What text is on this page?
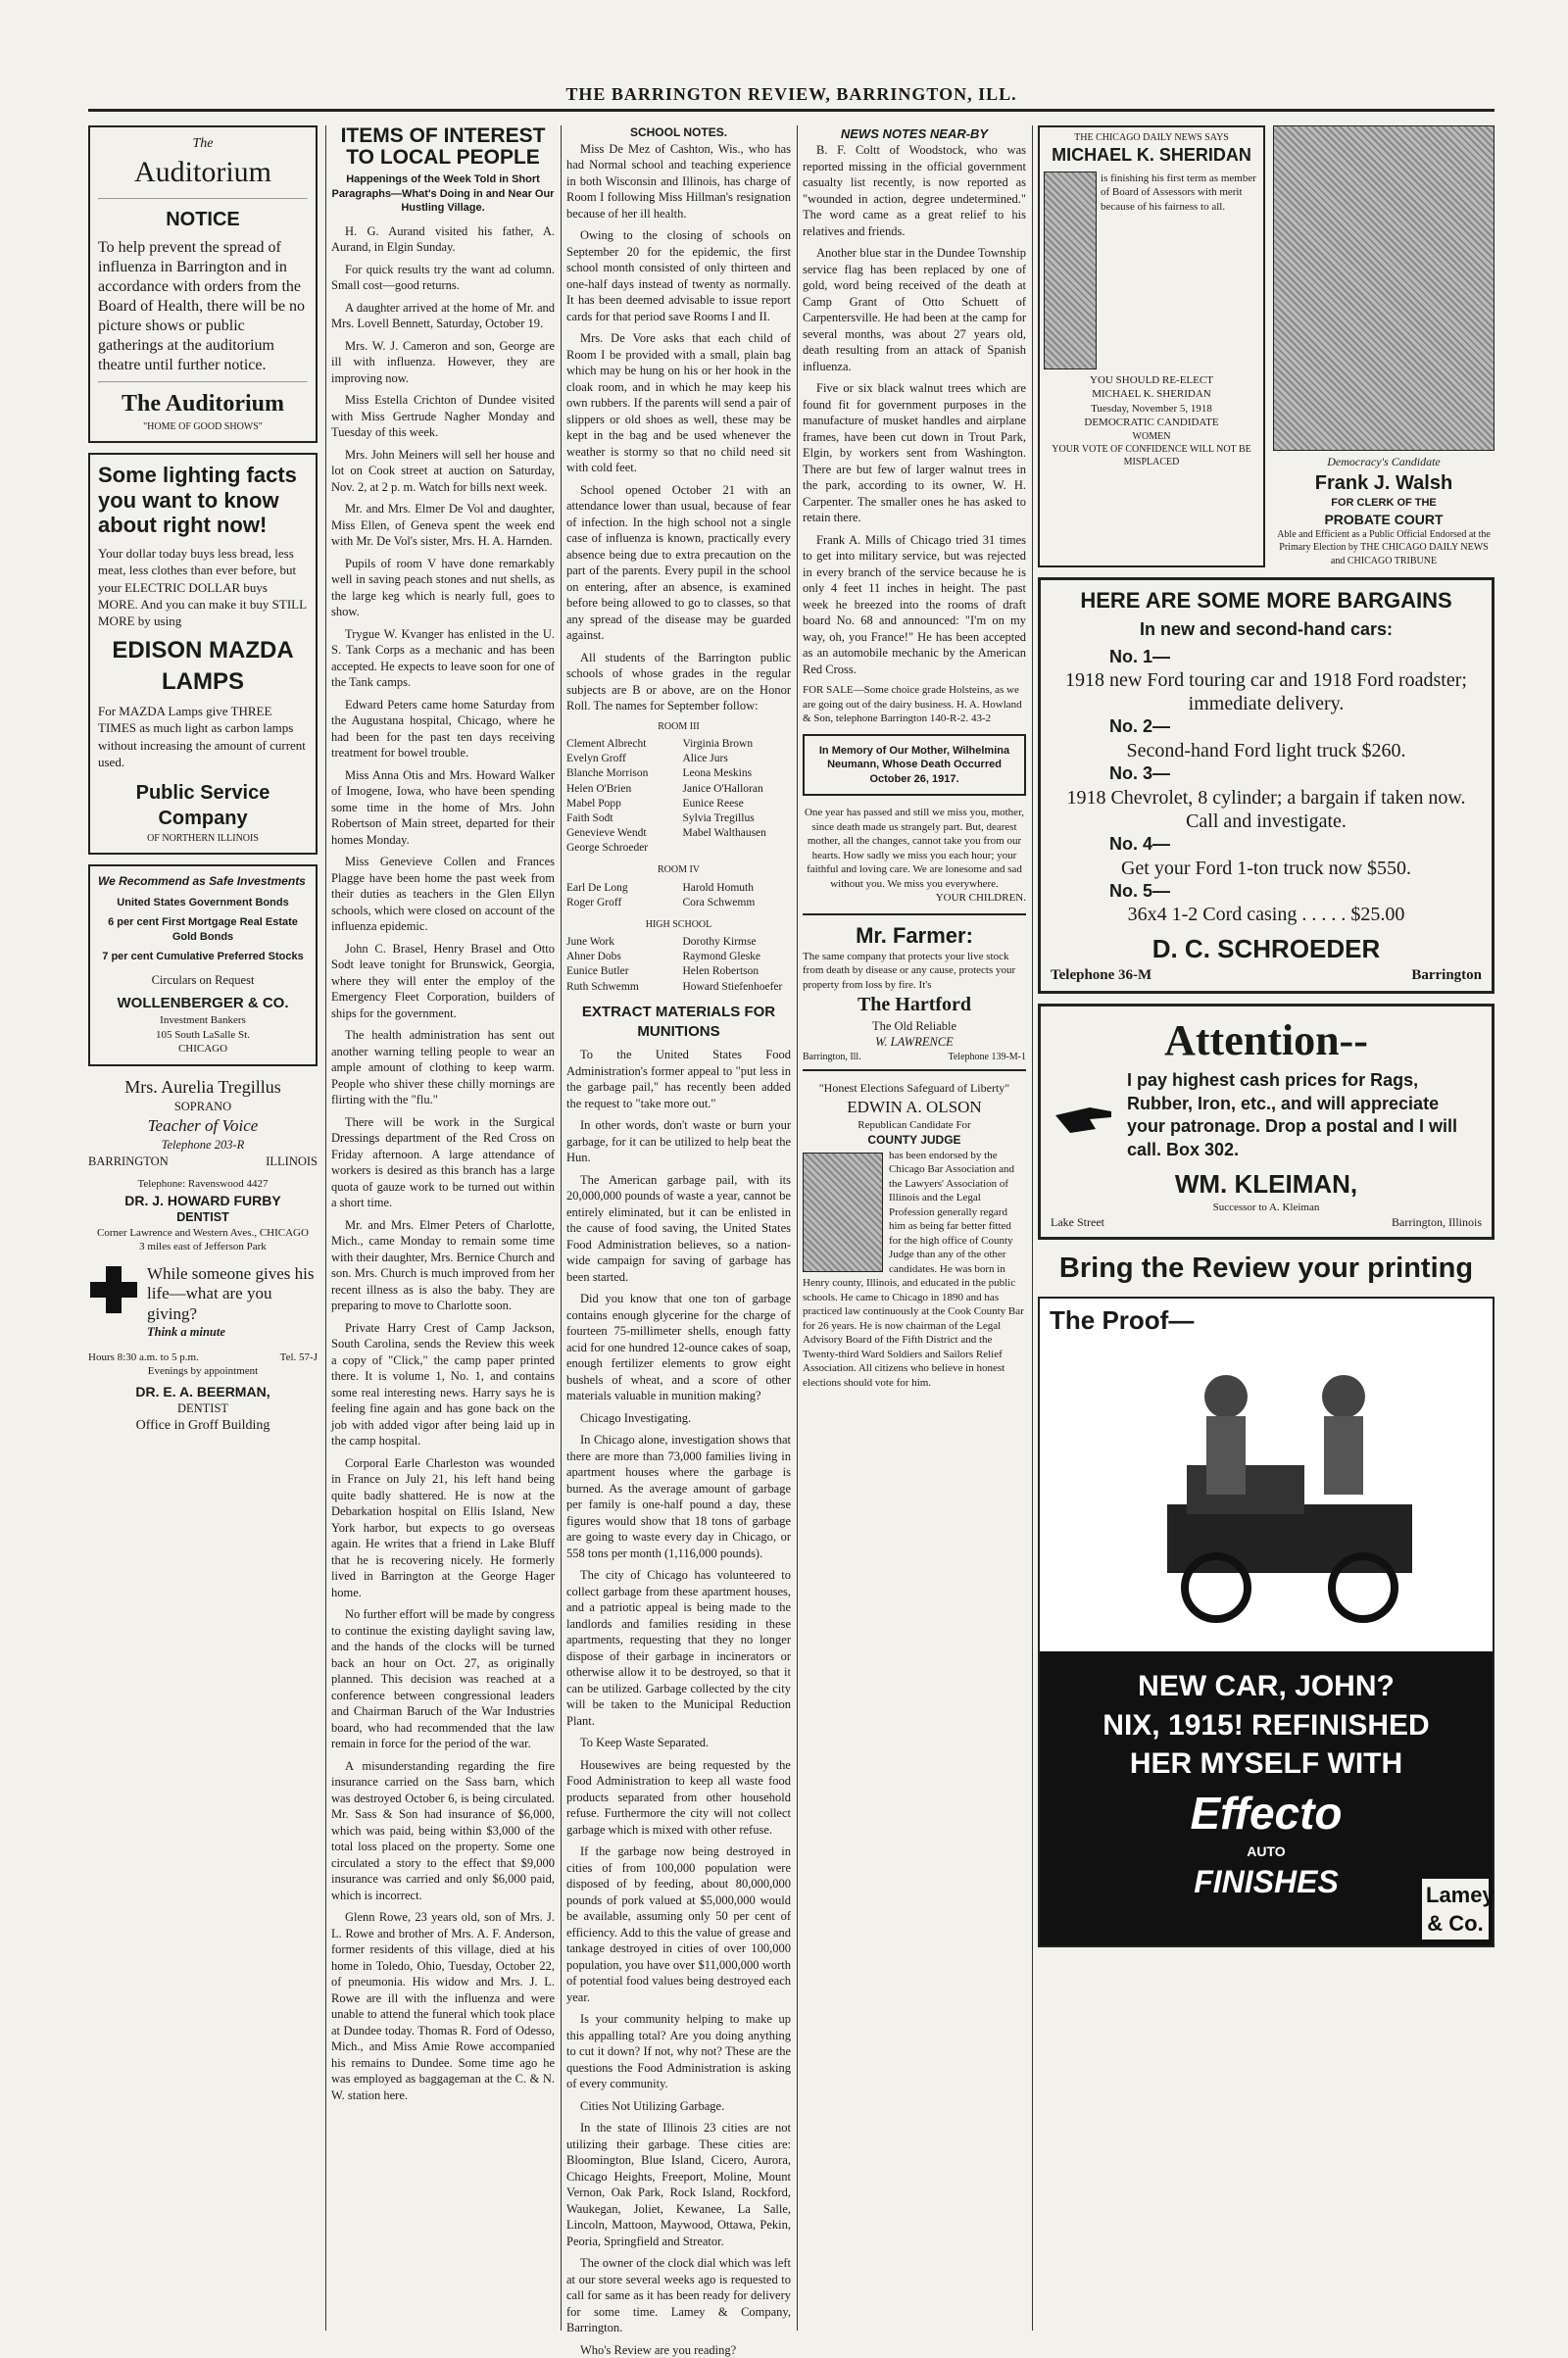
THE BARRINGTON REVIEW, BARRINGTON, ILL.
The
Auditorium
NOTICE
To help prevent the spread of influenza in Barrington and in accordance with orders from the Board of Health, there will be no picture shows or public gatherings at the auditorium theatre until further notice.
The Auditorium
"HOME OF GOOD SHOWS"
Some lighting facts you want to know about right now!
Your dollar today buys less bread, less meat, less clothes than ever before, but your ELECTRIC DOLLAR buys MORE. And you can make it buy STILL MORE by using
EDISON MAZDA LAMPS
For MAZDA Lamps give THREE TIMES as much light as carbon lamps without increasing the amount of current used.
Public Service Company
OF NORTHERN ILLINOIS
We Recommend as Safe Investments
United States Government Bonds
6 per cent First Mortgage Real Estate Gold Bonds
7 per cent Cumulative Preferred Stocks
Circulars on Request
WOLLENBERGER & CO.
Investment Bankers
105 South LaSalle St.
CHICAGO
Mrs. Aurelia Tregillus
SOPRANO
Teacher of Voice
Telephone 203-R
BARRINGTON	ILLINOIS
Telephone: Ravenswood 4427
DR. J. HOWARD FURBY
DENTIST
Corner Lawrence and Western Aves., CHICAGO
3 miles east of Jefferson Park
While someone gives his life—what are you giving?
Think a minute
Hours 8:30 a.m. to 5 p.m.	Tel. 57-J
Evenings by appointment
DR. E. A. BEERMAN,
DENTIST
Office in Groff Building
ITEMS OF INTEREST TO LOCAL PEOPLE
Happenings of the Week Told in Short Paragraphs—What's Doing in and Near Our Hustling Village.

H. G. Aurand visited his father, A. Aurand, in Elgin Sunday.

For quick results try the want ad column. Small cost—good returns.

A daughter arrived at the home of Mr. and Mrs. Lovell Bennett, Saturday, October 19.

Mrs. W. J. Cameron and son, George are ill with influenza. However, they are improving now.

Miss Estella Crichton of Dundee visited with Miss Gertrude Nagher Monday and Tuesday of this week.

Mrs. John Meiners will sell her house and lot on Cook street at auction on Saturday, Nov. 2, at 2 p. m. Watch for bills next week.

Mr. and Mrs. Elmer De Vol and daughter, Miss Ellen, of Geneva spent the week end with Mr. De Vol's sister, Mrs. H. A. Harnden.

Pupils of room V have done remarkably well in saving peach stones and nut shells, as the large keg which is nearly full, goes to show.

Trygue W. Kvanger has enlisted in the U. S. Tank Corps as a mechanic and has been accepted. He expects to leave soon for one of the Tank camps.

Edward Peters came home Saturday from the Augustana hospital, Chicago, where he had been for the past ten days receiving treatment for bowel trouble.

Miss Anna Otis and Mrs. Howard Walker of Imogene, Iowa, who have been spending some time in the home of Mrs. John Robertson of Main street, departed for their homes Monday.

Miss Genevieve Collen and Frances Plagge have been home the past week from their duties as teachers in the Glen Ellyn schools, which were closed on account of the influenza epidemic.

John C. Brasel, Henry Brasel and Otto Sodt leave tonight for Brunswick, Georgia, where they will enter the employ of the Emergency Fleet Corporation, builders of ships for the government.

The health administration has sent out another warning telling people to wear an ample amount of clothing to keep warm. People who shiver these chilly mornings are flirting with the "flu."

There will be work in the Surgical Dressings department of the Red Cross on Friday afternoon. A large attendance of workers is desired as this branch has a large quota of gauze work to be turned out within a short time.

Mr. and Mrs. Elmer Peters of Charlotte, Mich., came Monday to remain some time with their daughter, Mrs. Bernice Church and son. Mrs. Church is much improved from her recent illness as is also the baby. They are preparing to move to Charlotte soon.

Private Harry Crest of Camp Jackson, South Carolina, sends the Review this week a copy of "Click," the camp paper printed there. It is volume 1, No. 1, and contains some real interesting news. Harry says he is feeling fine again and has gone back on the job with added vigor after being laid up in the camp hospital.

Corporal Earle Charleston was wounded in France on July 21, his left hand being quite badly shattered. He is now at the Debarkation hospital on Ellis Island, New York harbor, but expects to go overseas again. He writes that a friend in Lake Bluff that he is recovering nicely. He formerly lived in Barrington at the George Hager home.

No further effort will be made by congress to continue the existing daylight saving law, and the hands of the clocks will be turned back an hour on Oct. 27, as originally planned. This decision was reached at a conference between congressional leaders and Chairman Baruch of the War Industries board, who had recommended that the law remain in force for the period of the war.

A misunderstanding regarding the fire insurance carried on the Sass barn, which was destroyed October 6, is being circulated. Mr. Sass & Son had insurance of $6,000, which was paid, being within $3,000 of the total loss placed on the property. Some one circulated a story to the effect that $9,000 insurance was carried and only $6,000 paid, which is incorrect.

Glenn Rowe, 23 years old, son of Mrs. J. L. Rowe and brother of Mrs. A. F. Anderson, former residents of this village, died at his home in Toledo, Ohio, Tuesday, October 22, of pneumonia. His widow and Mrs. J. L. Rowe are ill with the influenza and were unable to attend the funeral which took place at Dundee today. Thomas R. Ford of Odesso, Mich., and Miss Amie Rowe accompanied his remains to Dundee. Some time ago he was employed as baggageman at the C. & N. W. station here.

SCHOOL NOTES.

Miss De Mez of Cashton, Wis., who has had Normal school and teaching experience in both Wisconsin and Illinois, has charge of Room I following Miss Hillman's resignation because of her ill health.

Owing to the closing of schools on September 20 for the epidemic, the first school month consisted of only thirteen and one-half days instead of twenty as normally. It has been deemed advisable to issue report cards for that period save Rooms I and II.

Mrs. De Vore asks that each child of Room I be provided with a small, plain bag which may be hung on his or her hook in the cloak room, and in which he may keep his own rubbers. If the parents will send a pair of slippers or old shoes as well, these may be kept in the bag and be used whenever the weather is stormy so that no child need sit with cold feet.

School opened October 21 with an attendance lower than usual, because of fear of infection. In the high school not a single case of influenza is known, practically every absence being due to extra precaution on the part of the parents. Every pupil in the school on entering, after an absence, is examined before being allowed to go to classes, so that any spread of the disease may be guarded against.

All students of the Barrington public schools of whose grades in the regular subjects are B or above, are on the Honor Roll. The names for September follow:

ROOM III
Clement Albrecht	Virginia Brown
Evelyn Groff	Alice Jurs
Blanche Morrison	Leona Meskins
Helen O'Brien	Janice O'Halloran
Mabel Popp	Eunice Reese
Faith Sodt	Sylvia Tregillus
Genevieve Wendt	Mabel Walthausen
George Schroeder
ROOM IV
Earl De Long	Harold Homuth
Roger Groff	Cora Schwemm
HIGH SCHOOL
June Work	Dorothy Kirmse
Ahner Dobs	Raymond Gleske
Eunice Butler	Helen Robertson
Ruth Schwemm	Howard Stiefenhoefer
EXTRACT MATERIALS FOR MUNITIONS

To the United States Food Administration's former appeal to "put less in the garbage pail," has recently been added the request to "take more out."

In other words, don't waste or burn your garbage, for it can be utilized to help beat the Hun.

The American garbage pail, with its 20,000,000 pounds of waste a year, cannot be entirely eliminated, but it can be enlisted in the cause of food saving, the United States Food Administration believes, so a nation-wide campaign for saving of garbage has been started.

Did you know that one ton of garbage contains enough glycerine for the charge of fourteen 75-millimeter shells, enough fatty acid for one hundred 12-ounce cakes of soap, enough fertilizer elements to grow eight bushels of wheat, and a score of other materials valuable in munition making?

Chicago Investigating.

In Chicago alone, investigation shows that there are more than 73,000 families living in apartment houses where the garbage is burned. As the average amount of garbage per family is one-half pound a day, these figures would show that 18 tons of garbage are going to waste every day in Chicago, or 558 tons per month (1,116,000 pounds).

The city of Chicago has volunteered to collect garbage from these apartment houses, and a patriotic appeal is being made to the landlords and families residing in these apartments, requesting that they no longer dispose of their garbage in incinerators or otherwise allow it to be destroyed, so that it can be utilized. Garbage collected by the city will be taken to the Municipal Reduction Plant.

To Keep Waste Separated.

Housewives are being requested by the Food Administration to keep all waste food products separated from other household refuse. Furthermore the city will not collect garbage which is mixed with other refuse.

If the garbage now being destroyed in cities of from 100,000 population were disposed of by feeding, about 80,000,000 pounds of pork valued at $5,000,000 would be available, assuming only 50 per cent of efficiency. Add to this the value of grease and tankage destroyed in cities of over 100,000 population, you have over $11,000,000 worth of potential food values being destroyed each year.

Is your community helping to make up this appalling total? Are you doing anything to cut it down? If not, why not? These are the questions the Food Administration is asking of every community.

Cities Not Utilizing Garbage.

In the state of Illinois 23 cities are not utilizing their garbage. These cities are: Bloomington, Blue Island, Cicero, Aurora, Chicago Heights, Freeport, Moline, Mount Vernon, Oak Park, Rock Island, Rockford, Waukegan, Joliet, Kewanee, La Salle, Lincoln, Mattoon, Maywood, Ottawa, Pekin, Peoria, Springfield and Streator.

The owner of the clock dial which was left at our store several weeks ago is requested to call for same as it has been ready for delivery for some time. Lamey & Company, Barrington.

Who's Review are you reading?

NEWS NOTES NEAR-BY

B. F. Coltt of Woodstock, who was reported missing in the official government casualty list recently, is now reported as "wounded in action, degree undetermined." The word came as a great relief to his relatives and friends.

Another blue star in the Dundee Township service flag has been replaced by one of gold, word being received of the death at Camp Grant of Otto Schuett of Carpentersville. He had been at the camp for several months, was about 27 years old, death resulting from an attack of Spanish influenza.

Five or six black walnut trees which are found fit for government purposes in the manufacture of musket handles and airplane frames, have been cut down in Trout Park, Elgin, by workers sent from Washington. There are but few of larger walnut trees in the park, according to its owner, W. H. Carpenter. The smaller ones he has asked to retain there.

Frank A. Mills of Chicago tried 31 times to get into military service, but was rejected in every branch of the service because he is only 4 feet 11 inches in height. The past week he breezed into the rooms of draft board No. 68 and announced: "I'm on my way, oh, you France!" He has been accepted as an automobile mechanic by the American Red Cross.

FOR SALE—Some choice grade Holsteins, as we are going out of the dairy business. H. A. Howland & Son, telephone Barrington 140-R-2. 43-2
In Memory of Our Mother, Wilhelmina Neumann, Whose Death Occurred October 26, 1917.
One year has passed and still we miss you, mother, since death made us strangely part. But, dearest mother, all the changes, cannot take you from our hearts. How sadly we miss you each hour; your faithful and loving care. We are lonesome and sad without you. We miss you everywhere.
YOUR CHILDREN.
Mr. Farmer:
The same company that protects your live stock from death by disease or any cause, protects your property from loss by fire. It's
The Hartford
The Old Reliable
W. LAWRENCE
Barrington, Ill.	Telephone 139-M-1
"Honest Elections Safeguard of Liberty"
EDWIN A. OLSON
Republican Candidate For
COUNTY JUDGE
has been endorsed by the Chicago Bar Association and the Lawyers' Association of Illinois and the Legal Profession generally regard him as being far better fitted for the high office of County Judge than any of the other candidates. He was born in Henry county, Illinois, and educated in the public schools. He came to Chicago in 1890 and has practiced law continuously at the Cook County Bar for 26 years. He is now chairman of the Legal Advisory Board of the Fifth District and the Twenty-third Ward Soldiers and Sailors Relief Association. All citizens who believe in honest elections should vote for him.
THE CHICAGO DAILY NEWS SAYS
MICHAEL K. SHERIDAN
is finishing his first term as member of Board of Assessors with merit because of his fairness to all.
YOU SHOULD RE-ELECT
MICHAEL K. SHERIDAN
Tuesday, November 5, 1918
DEMOCRATIC CANDIDATE
WOMEN
YOUR VOTE OF CONFIDENCE WILL NOT BE MISPLACED	Democracy's Candidate
Frank J. Walsh
FOR CLERK OF THE
PROBATE COURT
Able and Efficient as a Public Official Endorsed at the Primary Election by THE CHICAGO DAILY NEWS and CHICAGO TRIBUNE
HERE ARE SOME MORE BARGAINS
In new and second-hand cars:
No. 1—
1918 new Ford touring car and 1918 Ford roadster; immediate delivery.
No. 2—
Second-hand Ford light truck $260.
No. 3—
1918 Chevrolet, 8 cylinder; a bargain if taken now. Call and investigate.
No. 4—
Get your Ford 1-ton truck now $550.
No. 5—
36x4 1-2 Cord casing . . . . . $25.00
D. C. SCHROEDER
Telephone 36-M	Barrington
Attention--
I pay highest cash prices for Rags, Rubber, Iron, etc., and will appreciate your patronage. Drop a postal and I will call. Box 302.
WM. KLEIMAN,
Successor to A. Kleiman
Lake Street	Barrington, Illinois
Bring the Review your printing
The Proof—
NEW CAR, JOHN?
NIX, 1915! REFINISHED
HER MYSELF WITH
Effecto
AUTO
FINISHES	Lamey & Co.
